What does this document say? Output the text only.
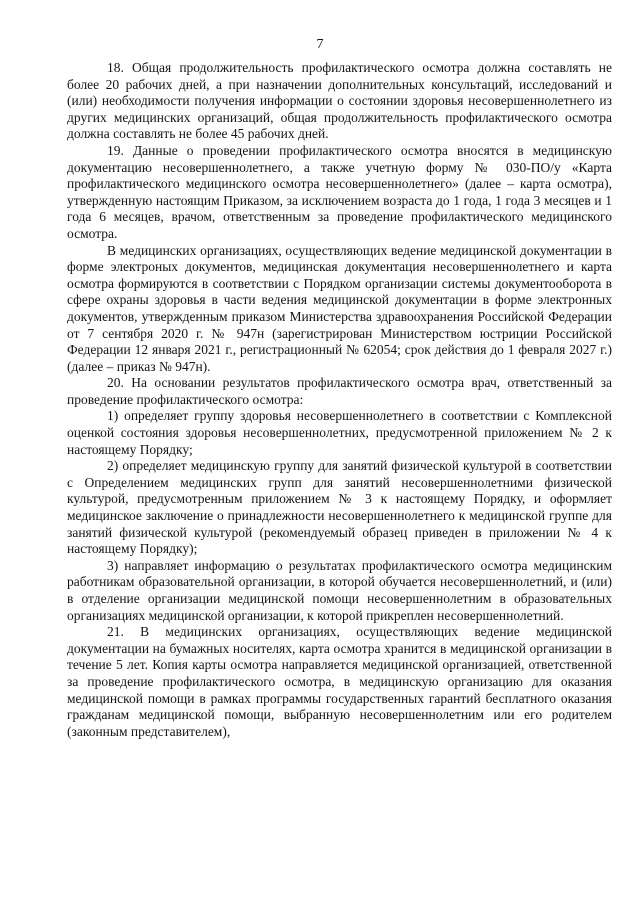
7

18. Общая продолжительность профилактического осмотра должна составлять не более 20 рабочих дней, а при назначении дополнительных консультаций, исследований и (или) необходимости получения информации о состоянии здоровья несовершеннолетнего из других медицинских организаций, общая продолжительность профилактического осмотра должна составлять не более 45 рабочих дней.

19. Данные о проведении профилактического осмотра вносятся в медицинскую документацию несовершеннолетнего, а также учетную форму № 030-ПО/у «Карта профилактического медицинского осмотра несовершеннолетнего» (далее – карта осмотра), утвержденную настоящим Приказом, за исключением возраста до 1 года, 1 года 3 месяцев и 1 года 6 месяцев, врачом, ответственным за проведение профилактического медицинского осмотра.

В медицинских организациях, осуществляющих ведение медицинской документации в форме электроных документов, медицинская документация несовершеннолетнего и карта осмотра формируются в соответствии с Порядком организации системы документооборота в сфере охраны здоровья в части ведения медицинской документации в форме электронных документов, утвержденным приказом Министерства здравоохранения Российской Федерации от 7 сентября 2020 г. № 947н (зарегистрирован Министерством юстриции Российской Федерации 12 января 2021 г., регистрационный № 62054; срок действия до 1 февраля 2027 г.) (далее – приказ № 947н).

20. На основании результатов профилактического осмотра врач, ответственный за проведение профилактического осмотра:

1) определяет группу здоровья несовершеннолетнего в соответствии с Комплексной оценкой состояния здоровья несовершеннолетних, предусмотренной приложением № 2 к настоящему Порядку;

2) определяет медицинскую группу для занятий физической культурой в соответствии с Определением медицинских групп для занятий несовершеннолетними физической культурой, предусмотренным приложением № 3 к настоящему Порядку, и оформляет медицинское заключение о принадлежности несовершеннолетнего к медицинской группе для занятий физической культурой (рекомендуемый образец приведен в приложении № 4 к настоящему Порядку);

3) направляет информацию о результатах профилактического осмотра медицинским работникам образовательной организации, в которой обучается несовершеннолетний, и (или) в отделение организации медицинской помощи несовершеннолетним в образовательных организациях медицинской организации, к которой прикреплен несовершеннолетний.

21. В медицинских организациях, осуществляющих ведение медицинской документации на бумажных носителях, карта осмотра хранится в медицинской организации в течение 5 лет. Копия карты осмотра направляется медицинской организацией, ответственной за проведение профилактического осмотра, в медицинскую организацию для оказания медицинской помощи в рамках программы государственных гарантий бесплатного оказания гражданам медицинской помощи, выбранную несовершеннолетним или его родителем (законным представителем),
